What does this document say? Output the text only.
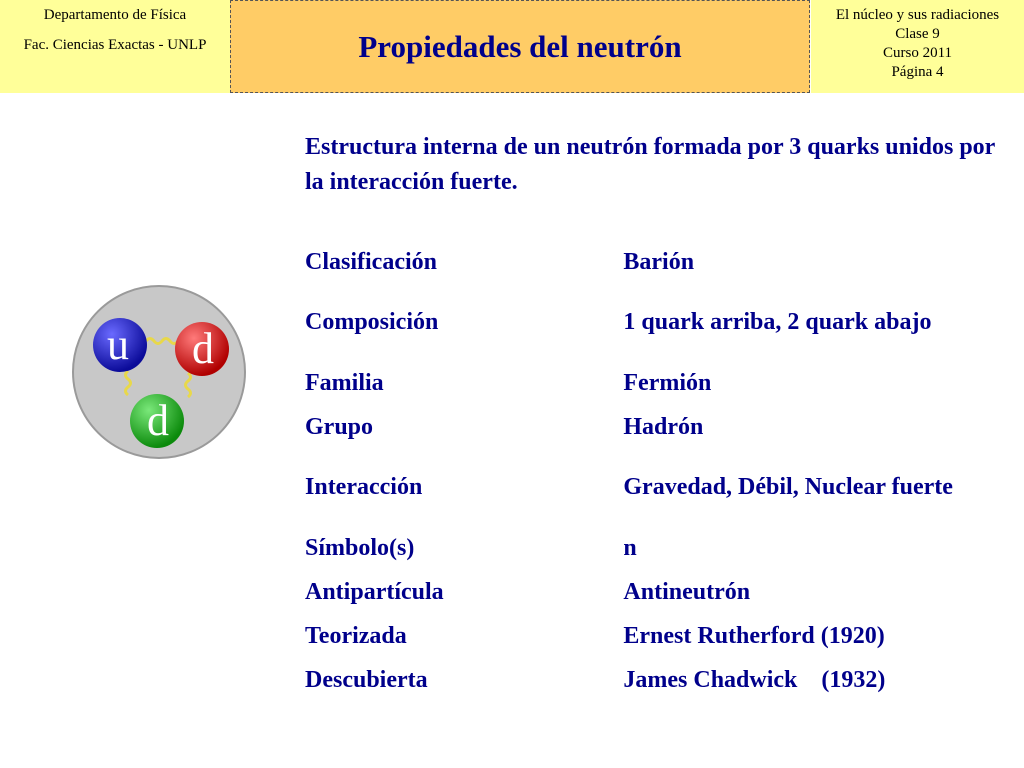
Departamento de Física
Fac. Ciencias Exactas - UNLP	Propiedades del neutrón
El núcleo y sus radiaciones
Clase 9
Curso 2011
Página 4
Estructura interna de un neutrón formada por 3 quarks unidos por la interacción fuerte.
u d
d
Clasificación	Barión
Composición	1 quark arriba, 2 quark abajo

Familia	Fermión
Grupo	Hadrón
Interacción	Gravedad, Débil, Nuclear fuerte

Símbolo(s)	n
Antipartícula	Antineutrón
Teorizada	Ernest Rutherford (1920)
Descubierta	James Chadwick    (1932)
